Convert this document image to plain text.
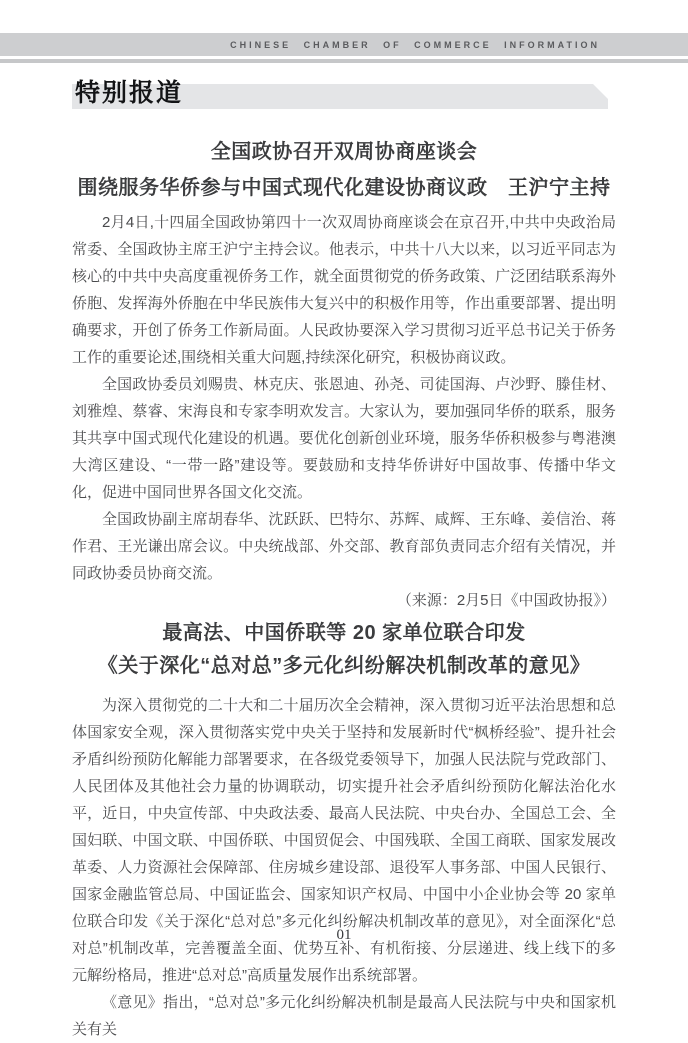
CHINESE CHAMBER OF COMMERCE INFORMATION
特别报道
全国政协召开双周协商座谈会
围绕服务华侨参与中国式现代化建设协商议政　王沪宁主持

2月4日,十四届全国政协第四十一次双周协商座谈会在京召开,中共中央政治局常委、全国政协主席王沪宁主持会议。他表示，中共十八大以来，以习近平同志为核心的中共中央高度重视侨务工作，就全面贯彻党的侨务政策、广泛团结联系海外侨胞、发挥海外侨胞在中华民族伟大复兴中的积极作用等，作出重要部署、提出明确要求，开创了侨务工作新局面。人民政协要深入学习贯彻习近平总书记关于侨务工作的重要论述,围绕相关重大问题,持续深化研究，积极协商议政。

全国政协委员刘赐贵、林克庆、张恩迪、孙尧、司徒国海、卢沙野、滕佳材、刘雅煌、蔡睿、宋海良和专家李明欢发言。大家认为，要加强同华侨的联系，服务其共享中国式现代化建设的机遇。要优化创新创业环境，服务华侨积极参与粤港澳大湾区建设、“一带一路”建设等。要鼓励和支持华侨讲好中国故事、传播中华文化，促进中国同世界各国文化交流。

全国政协副主席胡春华、沈跃跃、巴特尔、苏辉、咸辉、王东峰、姜信治、蒋作君、王光谦出席会议。中央统战部、外交部、教育部负责同志介绍有关情况，并同政协委员协商交流。

（来源：2月5日《中国政协报》）

最高法、中国侨联等 20 家单位联合印发
《关于深化“总对总”多元化纠纷解决机制改革的意见》

为深入贯彻党的二十大和二十届历次全会精神，深入贯彻习近平法治思想和总体国家安全观，深入贯彻落实党中央关于坚持和发展新时代“枫桥经验”、提升社会矛盾纠纷预防化解能力部署要求，在各级党委领导下，加强人民法院与党政部门、人民团体及其他社会力量的协调联动，切实提升社会矛盾纠纷预防化解法治化水平，近日，中央宣传部、中央政法委、最高人民法院、中央台办、全国总工会、全国妇联、中国文联、中国侨联、中国贸促会、中国残联、全国工商联、国家发展改革委、人力资源社会保障部、住房城乡建设部、退役军人事务部、中国人民银行、国家金融监管总局、中国证监会、国家知识产权局、中国中小企业协会等 20 家单位联合印发《关于深化“总对总”多元化纠纷解决机制改革的意见》，对全面深化“总对总”机制改革，完善覆盖全面、优势互补、有机衔接、分层递进、线上线下的多元解纷格局，推进“总对总”高质量发展作出系统部署。

《意见》指出，“总对总”多元化纠纷解决机制是最高人民法院与中央和国家机关有关

01
